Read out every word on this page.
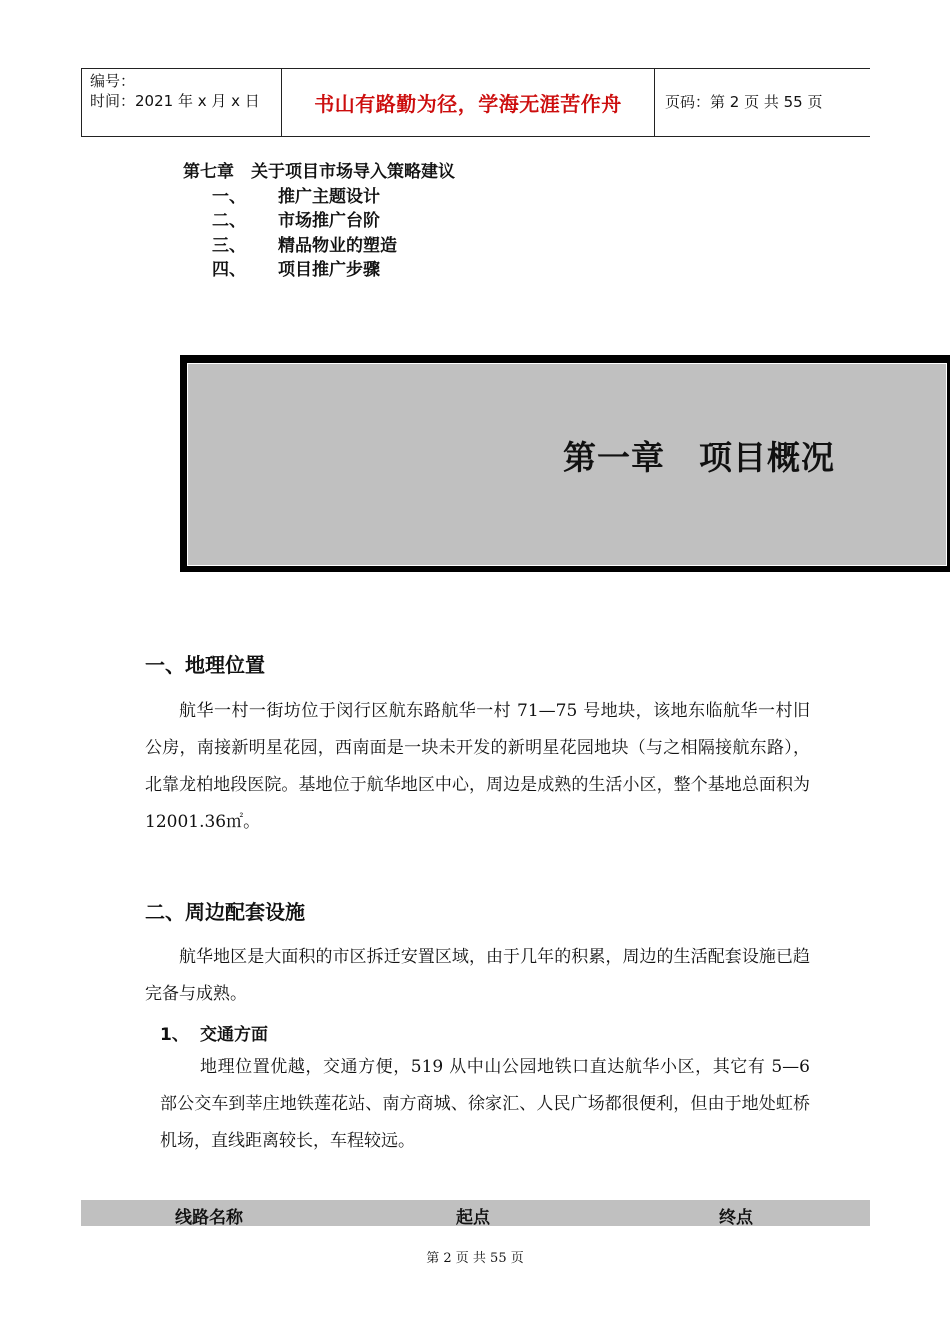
编号：
时间：2021 年 x 月 x 日	书山有路勤为径，学海无涯苦作舟	页码：第 2 页 共 55 页
第七章　关于项目市场导入策略建议
一、 推广主题设计
二、 市场推广台阶
三、 精品物业的塑造
四、 项目推广步骤
第一章　项目概况
一、地理位置
航华一村一街坊位于闵行区航东路航华一村 71—75 号地块，该地东临航华一村旧公房，南接新明星花园，西南面是一块未开发的新明星花园地块（与之相隔接航东路），北靠龙柏地段医院。基地位于航华地区中心，周边是成熟的生活小区，整个基地总面积为 12001.36㎡。
二、周边配套设施
航华地区是大面积的市区拆迁安置区域，由于几年的积累，周边的生活配套设施已趋完备与成熟。
1、 交通方面
地理位置优越，交通方便，519 从中山公园地铁口直达航华小区，其它有 5—6 部公交车到莘庄地铁莲花站、南方商城、徐家汇、人民广场都很便利，但由于地处虹桥机场，直线距离较长，车程较远。
线路名称	起点	终点
第 2 页 共 55 页
